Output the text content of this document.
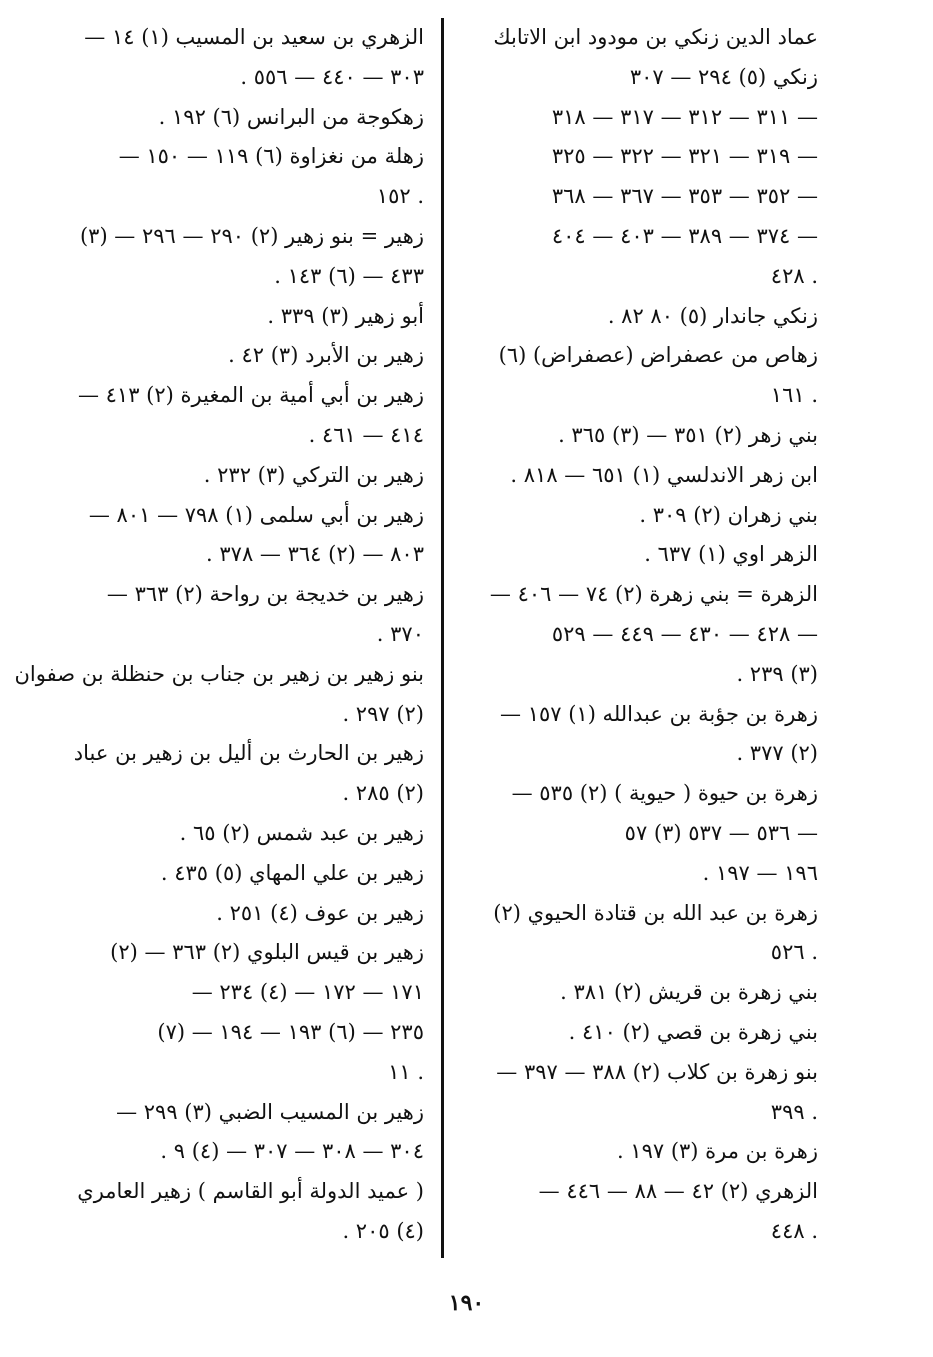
عماد الدين زنكي بن مودود ابن الاتابك
زنكي (٥) ٢٩٤ — ٣٠٧
— ٣١١ — ٣١٢ — ٣١٧ — ٣١٨
— ٣١٩ — ٣٢١ — ٣٢٢ — ٣٢٥
— ٣٥٢ — ٣٥٣ — ٣٦٧ — ٣٦٨
— ٣٧٤ — ٣٨٩ — ٤٠٣ — ٤٠٤
. ٤٢٨
زنكي جاندار (٥) ٨٠ ٨٢ .
زهاص من عصفراض (عصفراض) (٦)
. ١٦١
بني زهر (٢) ٣٥١ — (٣) ٣٦٥ .
ابن زهر الاندلسي (١) ٦٥١ — ٨١٨ .
بني زهران (٢) ٣٠٩ .
الزهر اوي (١) ٦٣٧ .
الزهرة = بني زهرة (٢) ٧٤ — ٤٠٦ —
— ٤٢٨ — ٤٣٠ — ٤٤٩ — ٥٢٩
(٣) ٢٣٩ .
زهرة بن جؤبة بن عبدالله (١) ١٥٧ —
(٢) ٣٧٧ .
زهرة بن حيوة ( حيوية ) (٢) ٥٣٥ —
— ٥٣٦ — ٥٣٧ (٣) ٥٧
١٩٦ — ١٩٧ .
زهرة بن عبد الله بن قتادة الحيوي (٢)
. ٥٢٦
بني زهرة بن قريش (٢) ٣٨١ .
بني زهرة بن قصي (٢) ٤١٠ .
بنو زهرة بن كلاب (٢) ٣٨٨ — ٣٩٧ —
. ٣٩٩
زهرة بن مرة (٣) ١٩٧ .
الزهري (٢) ٤٢ — ٨٨ — ٤٤٦ —
. ٤٤٨
الزهري بن سعيد بن المسيب (١) ١٤ —
٣٠٣ — ٤٤٠ — ٥٥٦ .
زهكوجة من البرانس (٦) ١٩٢ .
زهلة من نغزاوة (٦) ١١٩ — ١٥٠ —
. ١٥٢
زهير = بنو زهير (٢) ٢٩٠ — ٢٩٦ — (٣)
٤٣٣ — (٦) ١٤٣ .
أبو زهير (٣) ٣٣٩ .
زهير بن الأبرد (٣) ٤٢ .
زهير بن أبي أمية بن المغيرة (٢) ٤١٣ —
٤١٤ — ٤٦١ .
زهير بن التركي (٣) ٢٣٢ .
زهير بن أبي سلمى (١) ٧٩٨ — ٨٠١ —
٨٠٣ — (٢) ٣٦٤ — ٣٧٨ .
زهير بن خديجة بن رواحة (٢) ٣٦٣ —
٣٧٠ .
بنو زهير بن زهير بن جناب بن حنظلة بن صفوان
(٢) ٢٩٧ .
زهير بن الحارث بن أليل بن زهير بن عباد
(٢) ٢٨٥ .
زهير بن عبد شمس (٢) ٦٥ .
زهير بن علي المهاي (٥) ٤٣٥ .
زهير بن عوف (٤) ٢٥١ .
زهير بن قيس البلوي (٢) ٣٦٣ — (٢)
١٧١ — ١٧٢ — (٤) ٢٣٤ —
٢٣٥ — (٦) ١٩٣ — ١٩٤ — (٧)
. ١١
زهير بن المسيب الضبي (٣) ٢٩٩ —
٣٠٤ — ٣٠٨ — ٣٠٧ — (٤) ٩ .
( عميد الدولة أبو القاسم ) زهير العامري
(٤) ٢٠٥ .
١٩٠
